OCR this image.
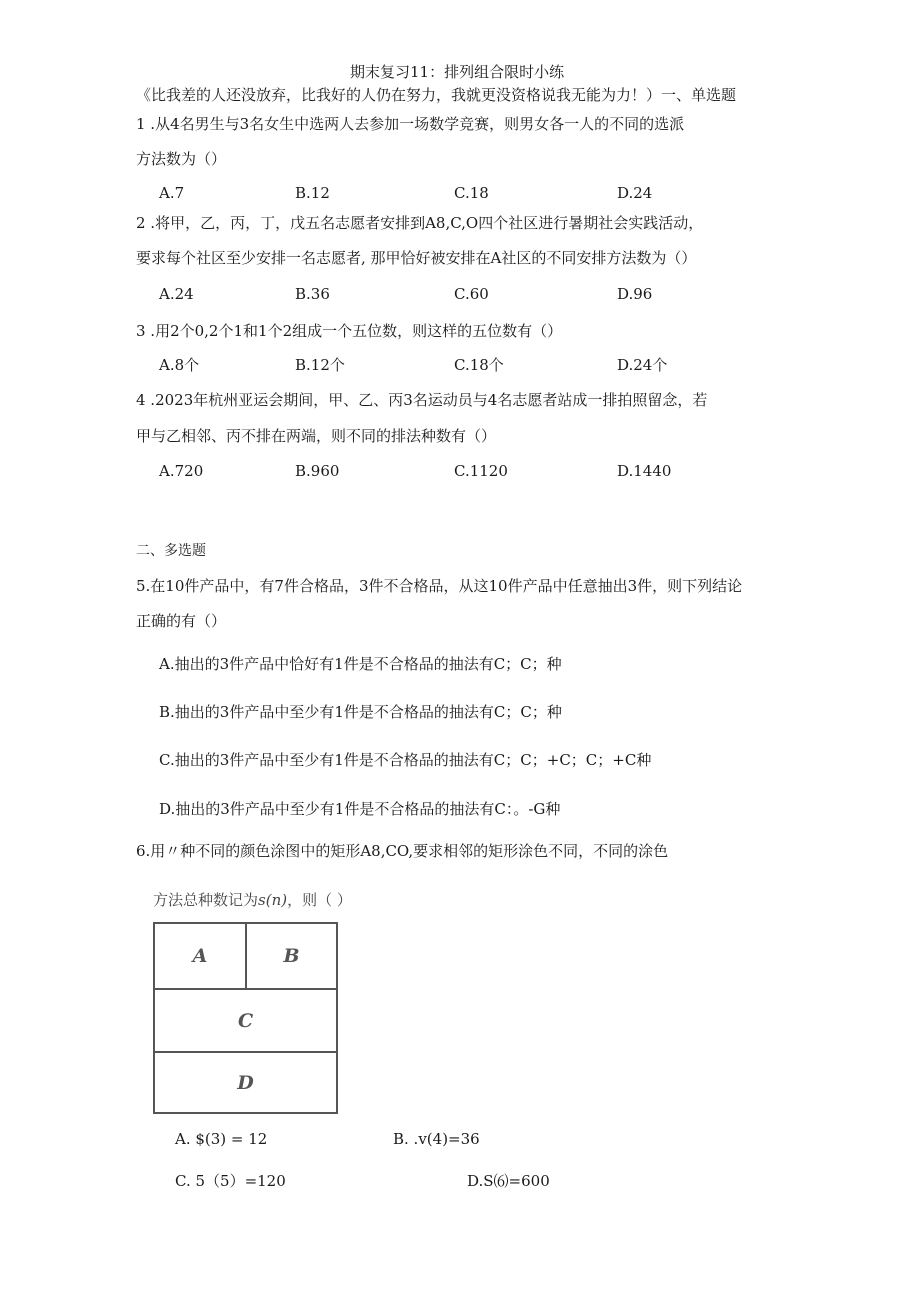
期末复习11：排列组合限时小练
《比我差的人还没放弃，比我好的人仍在努力，我就更没资格说我无能为力！）一、单选题
1 .从4名男生与3名女生中选两人去参加一场数学竞赛，则男女各一人的不同的选派
方法数为（）
A.7	B.12	C.18	D.24
2 .将甲，乙，丙，丁，戊五名志愿者安排到A8,C,O四个社区进行暑期社会实践活动，
要求每个社区至少安排一名志愿者, 那甲恰好被安排在A社区的不同安排方法数为（）
A.24	B.36	C.60	D.96
3 .用2个0,2个1和1个2组成一个五位数，则这样的五位数有（）
A.8个	B.12个	C.18个	D.24个
4 .2023年杭州亚运会期间，甲、乙、丙3名运动员与4名志愿者站成一排拍照留念，若
甲与乙相邻、丙不排在两端，则不同的排法种数有（）
A.720	B.960	C.1120	D.1440
二、多选题
5.在10件产品中，有7件合格品，3件不合格品，从这10件产品中任意抽出3件，则下列结论
正确的有（）
A.抽出的3件产品中恰好有1件是不合格品的抽法有C；C；种
B.抽出的3件产品中至少有1件是不合格品的抽法有C；C；种
C.抽出的3件产品中至少有1件是不合格品的抽法有C；C；+C；C；+C种
D.抽出的3件产品中至少有1件是不合格品的抽法有C：。-G种
6.用〃种不同的颜色涂图中的矩形A8,CO,要求相邻的矩形涂色不同，不同的涂色
方法总种数记为s(n)，则（ ）
A	B
C
D
A. $(3) = 12	B. .v(4)=36
C. 5（5）=120	D.S⑹=600
